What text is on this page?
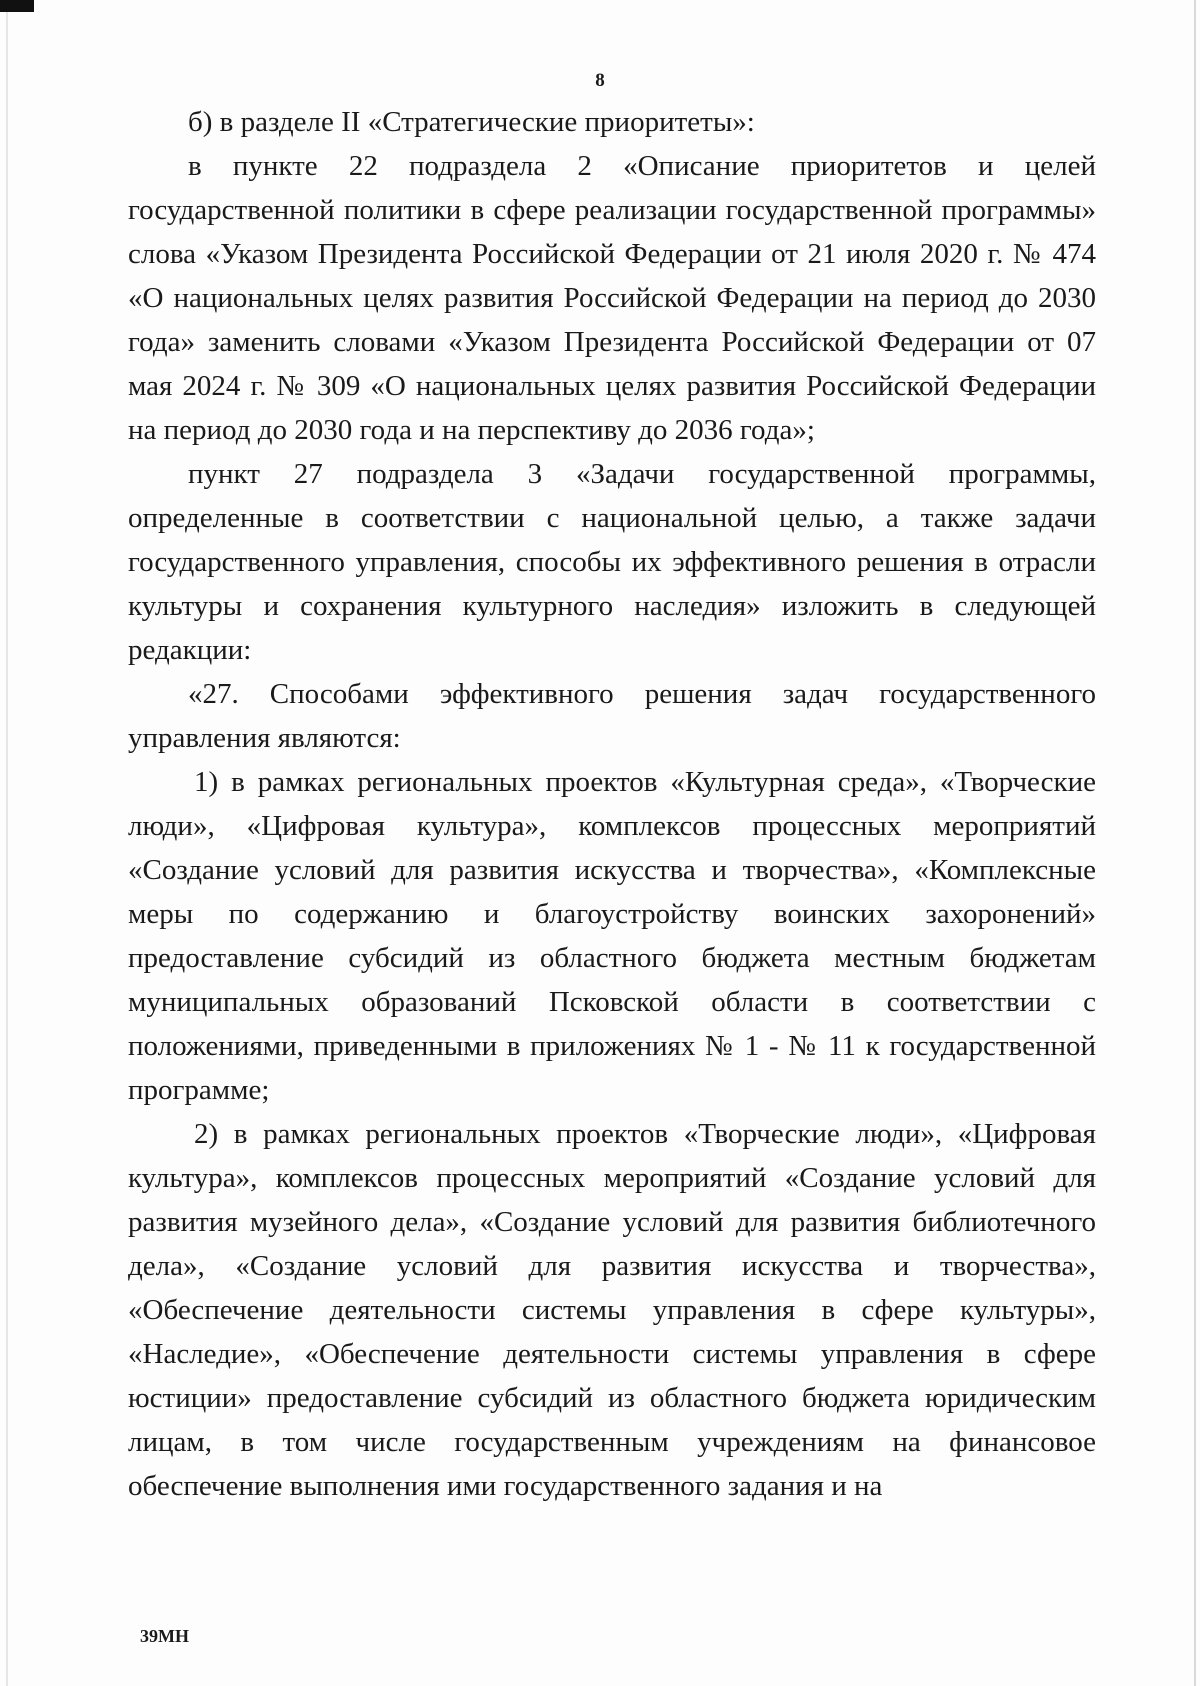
8

б) в разделе II «Стратегические приоритеты»:

в пункте 22 подраздела 2 «Описание приоритетов и целей государственной политики в сфере реализации государственной программы» слова «Указом Президента Российской Федерации от 21 июля 2020 г. № 474 «О национальных целях развития Российской Федерации на период до 2030 года» заменить словами «Указом Президента Российской Федерации от 07 мая 2024 г. № 309 «О национальных целях развития Российской Федерации на период до 2030 года и на перспективу до 2036 года»;

пункт 27 подраздела 3 «Задачи государственной программы, определенные в соответствии с национальной целью, а также задачи государственного управления, способы их эффективного решения в отрасли культуры и сохранения культурного наследия» изложить в следующей редакции:

«27. Способами эффективного решения задач государственного управления являются:

1) в рамках региональных проектов «Культурная среда», «Творческие люди», «Цифровая культура», комплексов процессных мероприятий «Создание условий для развития искусства и творчества», «Комплексные меры по содержанию и благоустройству воинских захоронений» предоставление субсидий из областного бюджета местным бюджетам муниципальных образований Псковской области в соответствии с положениями, приведенными в приложениях № 1 - № 11 к государственной программе;

2) в рамках региональных проектов «Творческие люди», «Цифровая культура», комплексов процессных мероприятий «Создание условий для развития музейного дела», «Создание условий для развития библиотечного дела», «Создание условий для развития искусства и творчества», «Обеспечение деятельности системы управления в сфере культуры», «Наследие», «Обеспечение деятельности системы управления в сфере юстиции» предоставление субсидий из областного бюджета юридическим лицам, в том числе государственным учреждениям на финансовое обеспечение выполнения ими государственного задания и на

39МН
